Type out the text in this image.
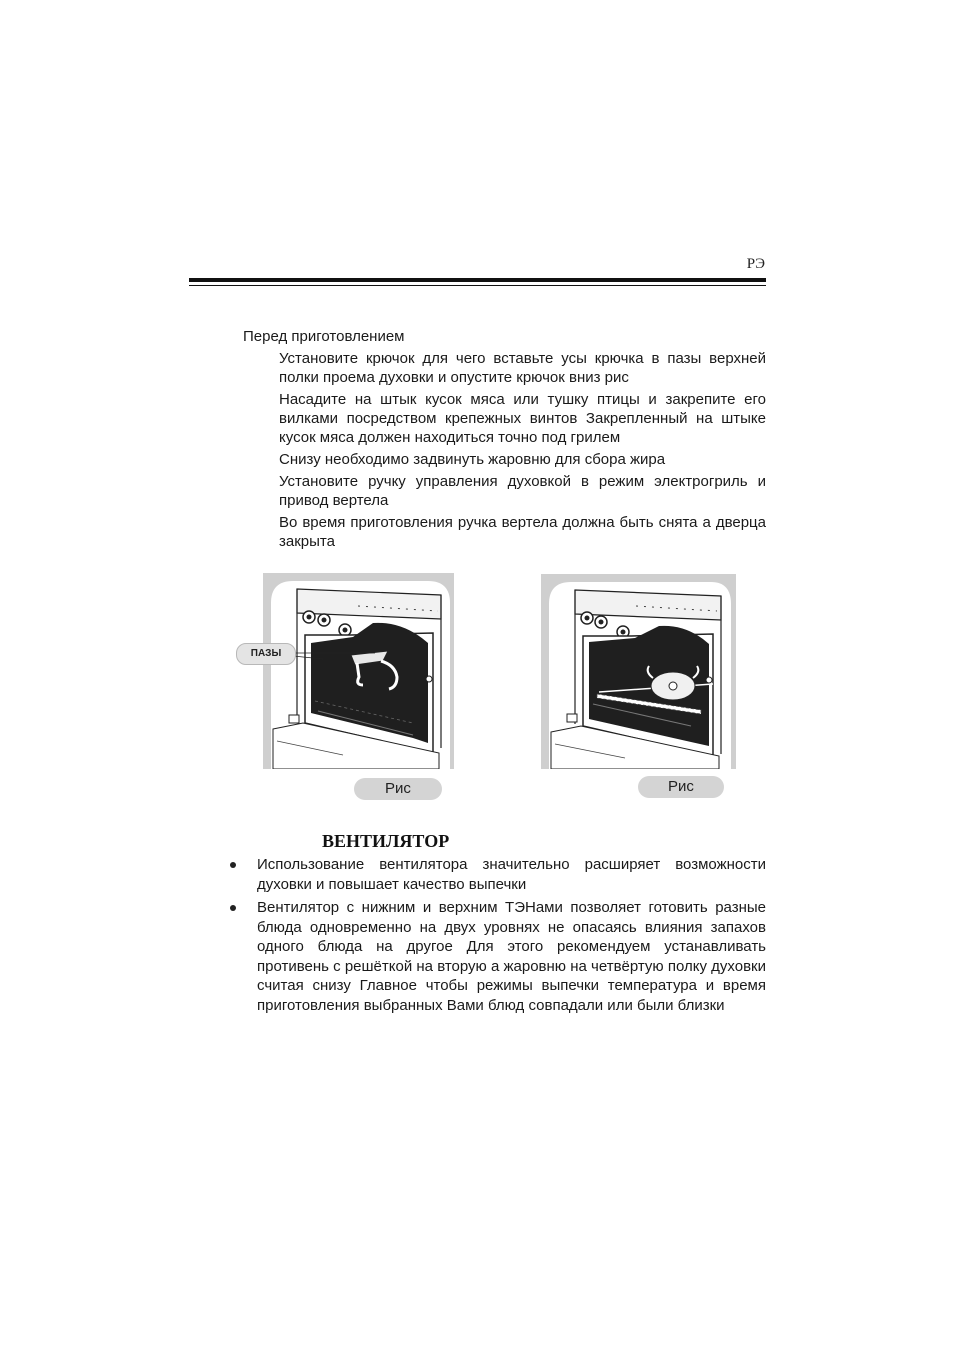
РЭ
Перед приготовлением
Установите крючок для чего вставьте усы крючка в пазы верхней полки проема духовки и опустите крючок вниз рис
Насадите на штык кусок мяса или тушку птицы и закрепите его вилками посредством крепежных винтов Закрепленный на штыке кусок мяса должен находиться точно под грилем
Снизу необходимо задвинуть жаровню для сбора жира
Установите ручку управления духовкой в режим электрогриль и привод вертела
Во время приготовления ручка вертела должна быть снята а дверца закрыта
ПАЗЫ
Рис	Рис
ВЕНТИЛЯТОР
Использование вентилятора значительно расширяет возможности духовки и повышает качество выпечки
Вентилятор с нижним и верхним ТЭНами позволяет готовить разные блюда одновременно на двух уровнях не опасаясь влияния запахов одного блюда на другое Для этого рекомендуем устанавливать противень с решёткой на вторую а жаровню на четвёртую полку духовки считая снизу Главное чтобы режимы выпечки температура и время приготовления выбранных Вами блюд совпадали или были близки
